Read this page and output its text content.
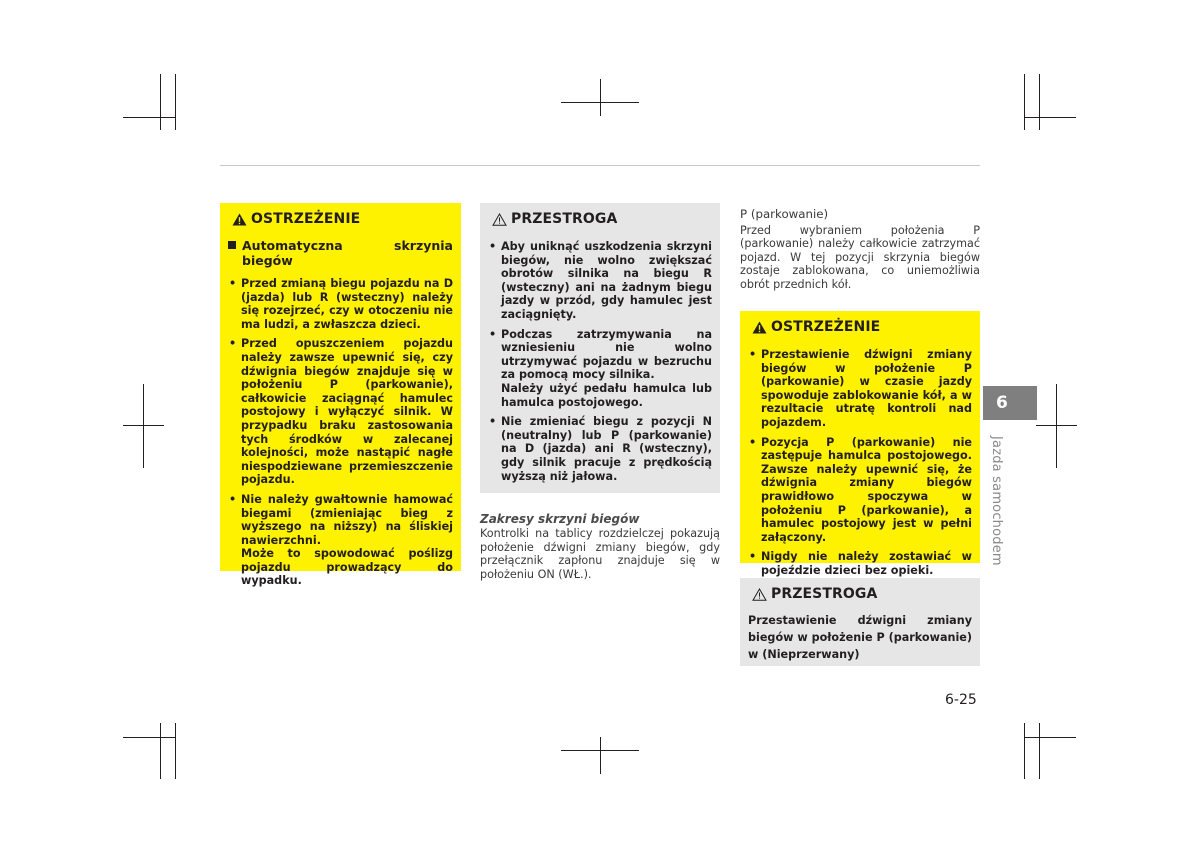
OSTRZEŻENIE
Automatyczna skrzynia biegów
• Przed zmianą biegu pojazdu na D (jazda) lub R (wsteczny) należy się rozejrzeć, czy w otoczeniu nie ma ludzi, a zwłaszcza dzieci.
• Przed opuszczeniem pojazdu należy zawsze upewnić się, czy dźwignia biegów znajduje się w położeniu P (parkowanie), całkowicie zaciągnąć hamulec postojowy i wyłączyć silnik. W przypadku braku zastosowania tych środków w zalecanej kolejności, może nastąpić nagłe niespodziewane przemieszczenie pojazdu.
• Nie należy gwałtownie hamować biegami (zmieniając bieg z wyższego na niższy) na śliskiej nawierzchni.
Może to spowodować poślizg pojazdu prowadzący do wypadku.
PRZESTROGA
• Aby uniknąć uszkodzenia skrzyni biegów, nie wolno zwiększać obrotów silnika na biegu R (wsteczny) ani na żadnym biegu jazdy w przód, gdy hamulec jest zaciągnięty.
• Podczas zatrzymywania na wzniesieniu nie wolno utrzymywać pojazdu w bezruchu za pomocą mocy silnika.
Należy użyć pedału hamulca lub hamulca postojowego.
• Nie zmieniać biegu z pozycji N (neutralny) lub P (parkowanie) na D (jazda) ani R (wsteczny), gdy silnik pracuje z prędkością wyższą niż jałowa.
Zakresy skrzyni biegów
Kontrolki na tablicy rozdzielczej pokazują położenie dźwigni zmiany biegów, gdy przełącznik zapłonu znajduje się w położeniu ON (WŁ.).
P (parkowanie)
Przed wybraniem położenia P (parkowanie) należy całkowicie zatrzymać pojazd. W tej pozycji skrzynia biegów zostaje zablokowana, co uniemożliwia obrót przednich kół.
OSTRZEŻENIE
• Przestawienie dźwigni zmiany biegów w położenie P (parkowanie) w czasie jazdy spowoduje zablokowanie kół, a w rezultacie utratę kontroli nad pojazdem.
• Pozycja P (parkowanie) nie zastępuje hamulca postojowego. Zawsze należy upewnić się, że dźwignia zmiany biegów prawidłowo spoczywa w położeniu P (parkowanie), a hamulec postojowy jest w pełni załączony.
• Nigdy nie należy zostawiać w pojeździe dzieci bez opieki.
PRZESTROGA
Przestawienie dźwigni zmiany biegów w położenie P (parkowanie) w (Nieprzerwany)
6
Jazda samochodem
6-25
